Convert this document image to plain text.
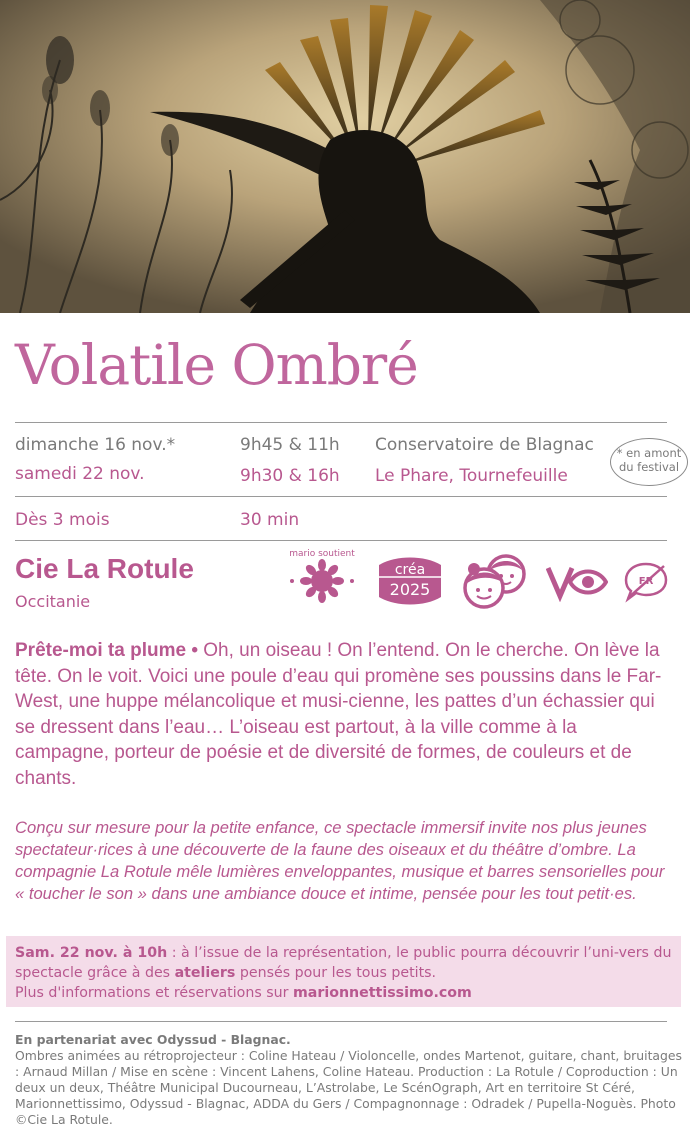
Volatile Ombré
dimanche 16 nov.*	9h45 & 11h Conservatoire de Blagnac
samedi 22 nov.	9h30 & 16h Le Phare, Tournefeuille
* en amont
du festival
Dès 3 mois	30 min
Cie La Rotule
Occitanie
mario soutient
créa
2025
VO
FR
Prête-moi ta plume • Oh, un oiseau ! On l’entend. On le cherche. On lève la tête. On le voit. Voici une poule d’eau qui promène ses poussins dans le Far-West, une huppe mélancolique et musi-cienne, les pattes d’un échassier qui se dressent dans l’eau… L’oiseau est partout, à la ville comme à la campagne, porteur de poésie et de diversité de formes, de couleurs et de chants.
Conçu sur mesure pour la petite enfance, ce spectacle immersif invite nos plus jeunes spectateur·rices à une découverte de la faune des oiseaux et du théâtre d’ombre. La compagnie La Rotule mêle lumières enveloppantes, musique et barres sensorielles pour « toucher le son » dans une ambiance douce et intime, pensée pour les tout petit·es.
Sam. 22 nov. à 10h : à l’issue de la représentation, le public pourra découvrir l’uni-vers du spectacle grâce à des ateliers pensés pour les tous petits.
Plus d'informations et réservations sur marionnettissimo.com
En partenariat avec Odyssud - Blagnac.
Ombres animées au rétroprojecteur : Coline Hateau / Violoncelle, ondes Martenot, guitare, chant, bruitages : Arnaud Millan / Mise en scène : Vincent Lahens, Coline Hateau. Production : La Rotule / Coproduction : Un deux un deux, Théâtre Municipal Ducourneau, L’Astrolabe, Le ScénOgraph, Art en territoire St Céré, Marionnettissimo, Odyssud - Blagnac, ADDA du Gers / Compagnonnage : Odradek / Pupella-Noguès. Photo ©Cie La Rotule.
